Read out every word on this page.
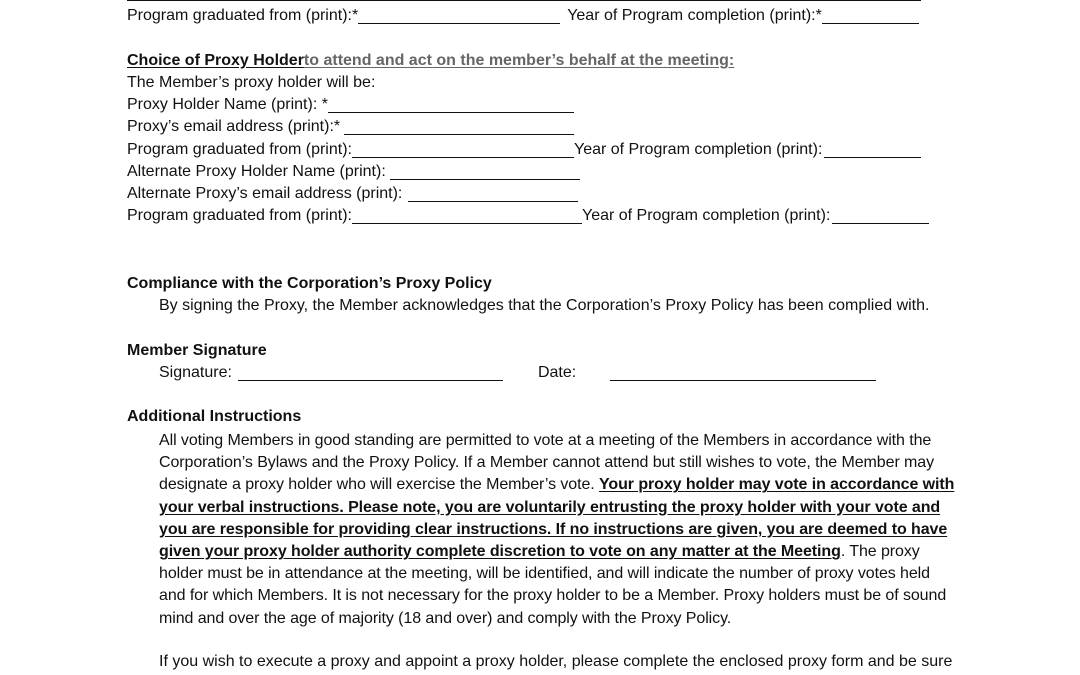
Program graduated from (print):*	Year of Program completion (print):*
Choice of Proxy Holder to attend and act on the member’s behalf at the meeting:
The Member’s proxy holder will be:
Proxy Holder Name (print): *
Proxy’s email address (print):*
Program graduated from (print):	Year of Program completion (print):
Alternate Proxy Holder Name (print):
Alternate Proxy’s email address (print):
Program graduated from (print):	Year of Program completion (print):
Compliance with the Corporation’s Proxy Policy
By signing the Proxy, the Member acknowledges that the Corporation’s Proxy Policy has been complied with.
Member Signature
Signature:	Date:
Additional Instructions
All voting Members in good standing are permitted to vote at a meeting of the Members in accordance with the Corporation’s Bylaws and the Proxy Policy. If a Member cannot attend but still wishes to vote, the Member may designate a proxy holder who will exercise the Member’s vote. Your proxy holder may vote in accordance with your verbal instructions. Please note, you are voluntarily entrusting the proxy holder with your vote and you are responsible for providing clear instructions. If no instructions are given, you are deemed to have given your proxy holder authority complete discretion to vote on any matter at the Meeting. The proxy holder must be in attendance at the meeting, will be identified, and will indicate the number of proxy votes held and for which Members. It is not necessary for the proxy holder to be a Member. Proxy holders must be of sound mind and over the age of majority (18 and over) and comply with the Proxy Policy.
If you wish to execute a proxy and appoint a proxy holder, please complete the enclosed proxy form and be sure
